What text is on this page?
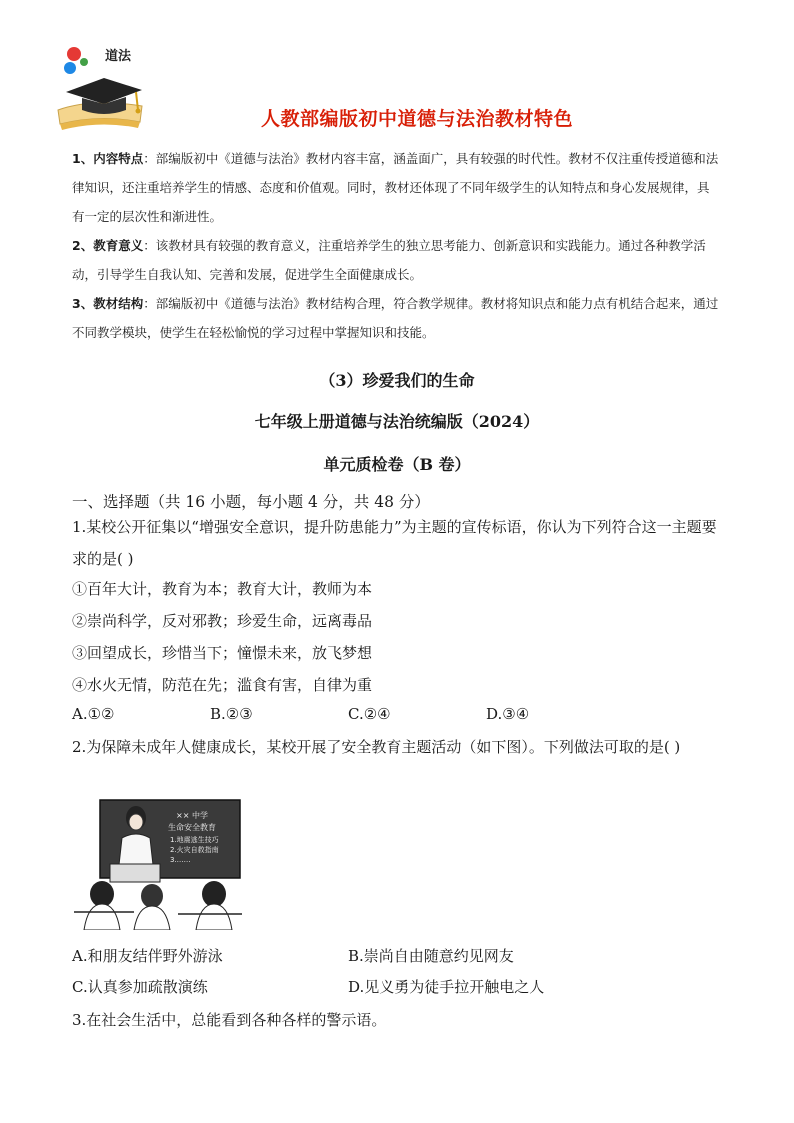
道法
人教部编版初中道德与法治教材特色

1、内容特点：部编版初中《道德与法治》教材内容丰富，涵盖面广，具有较强的时代性。教材不仅注重传授道德和法律知识，还注重培养学生的情感、态度和价值观。同时，教材还体现了不同年级学生的认知特点和身心发展规律，具有一定的层次性和渐进性。

2、教育意义：该教材具有较强的教育意义，注重培养学生的独立思考能力、创新意识和实践能力。通过各种教学活动，引导学生自我认知、完善和发展，促进学生全面健康成长。

3、教材结构：部编版初中《道德与法治》教材结构合理，符合教学规律。教材将知识点和能力点有机结合起来，通过不同教学模块，使学生在轻松愉悦的学习过程中掌握知识和技能。

（3）珍爱我们的生命
七年级上册道德与法治统编版（2024）
单元质检卷（B 卷）
一、选择题（共 16 小题，每小题 4 分，共 48 分）
1.某校公开征集以“增强安全意识，提升防患能力”为主题的宣传标语，你认为下列符合这一主题要求的是( )
①百年大计，教育为本；教育大计，教师为本
②崇尚科学，反对邪教；珍爱生命，远离毒品
③回望成长，珍惜当下；憧憬未来，放飞梦想
④水火无情，防范在先；滥食有害，自律为重
A.①②	B.②③	C.②④	D.③④
2.为保障未成年人健康成长，某校开展了安全教育主题活动（如下图）。下列做法可取的是( )
×× 中学
生命安全教育
1.地震逃生技巧
2.火灾自救指南
3.……
A.和朋友结伴野外游泳	B.崇尚自由随意约见网友
C.认真参加疏散演练	D.见义勇为徒手拉开触电之人
3.在社会生活中，总能看到各种各样的警示语。
